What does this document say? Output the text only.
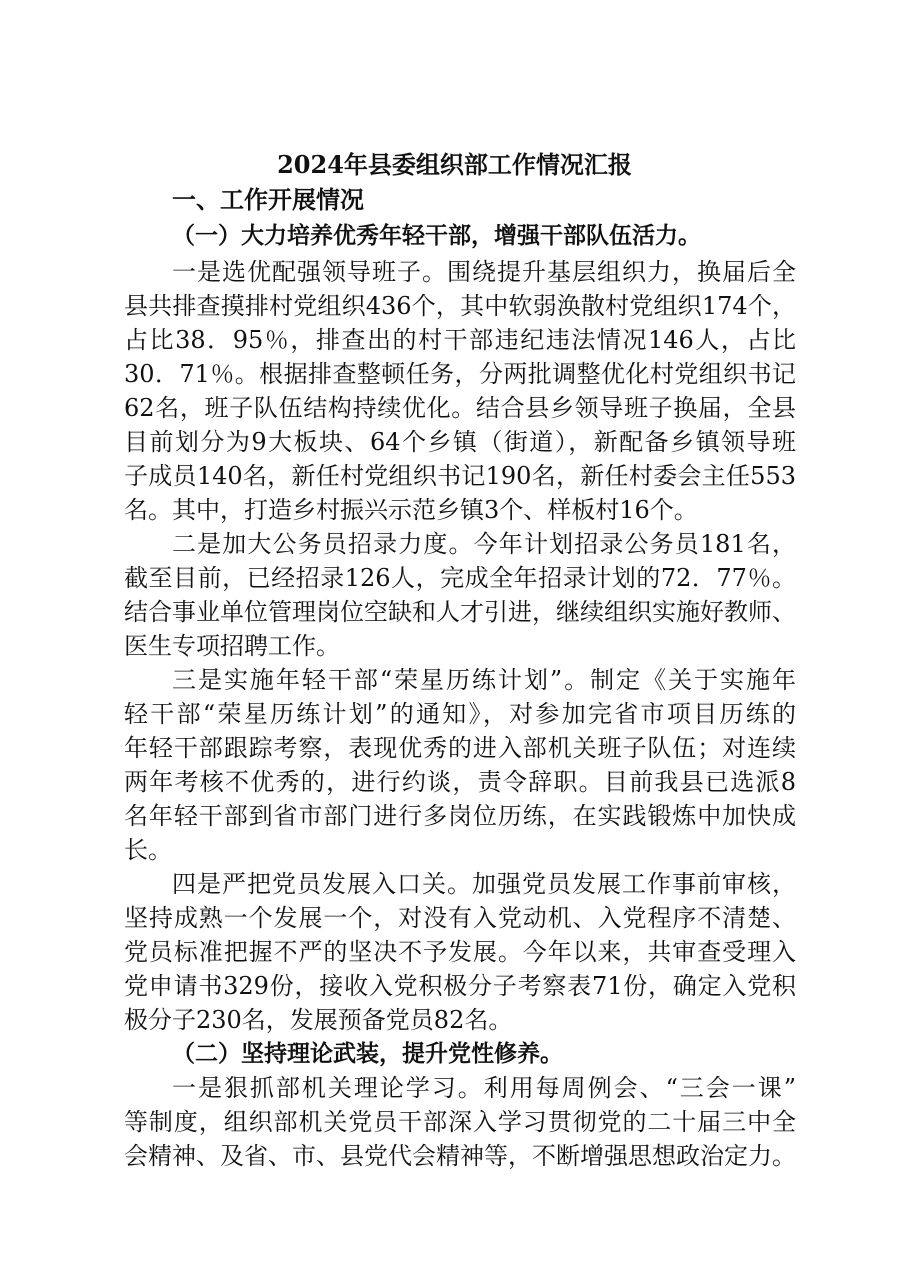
2024年县委组织部工作情况汇报
一、工作开展情况
（一）大力培养优秀年轻干部，增强干部队伍活力。
一是选优配强领导班子。围绕提升基层组织力，换届后全
县共排查摸排村党组织436个，其中软弱涣散村党组织174个，
占比38．95％，排查出的村干部违纪违法情况146人，占比
30．71％。根据排查整顿任务，分两批调整优化村党组织书记
62名，班子队伍结构持续优化。结合县乡领导班子换届，全县
目前划分为9大板块、64个乡镇（街道），新配备乡镇领导班
子成员140名，新任村党组织书记190名，新任村委会主任553
名。其中，打造乡村振兴示范乡镇3个、样板村16个。
二是加大公务员招录力度。今年计划招录公务员181名，
截至目前，已经招录126人，完成全年招录计划的72．77％。
结合事业单位管理岗位空缺和人才引进，继续组织实施好教师、
医生专项招聘工作。
三是实施年轻干部“荣星历练计划”。制定《关于实施年
轻干部“荣星历练计划”的通知》，对参加完省市项目历练的
年轻干部跟踪考察，表现优秀的进入部机关班子队伍；对连续
两年考核不优秀的，进行约谈，责令辞职。目前我县已选派8
名年轻干部到省市部门进行多岗位历练，在实践锻炼中加快成
长。
四是严把党员发展入口关。加强党员发展工作事前审核，
坚持成熟一个发展一个，对没有入党动机、入党程序不清楚、
党员标准把握不严的坚决不予发展。今年以来，共审查受理入
党申请书329份，接收入党积极分子考察表71份，确定入党积
极分子230名，发展预备党员82名。
（二）坚持理论武装，提升党性修养。
一是狠抓部机关理论学习。利用每周例会、“三会一课”
等制度，组织部机关党员干部深入学习贯彻党的二十届三中全
会精神、及省、市、县党代会精神等，不断增强思想政治定力。
